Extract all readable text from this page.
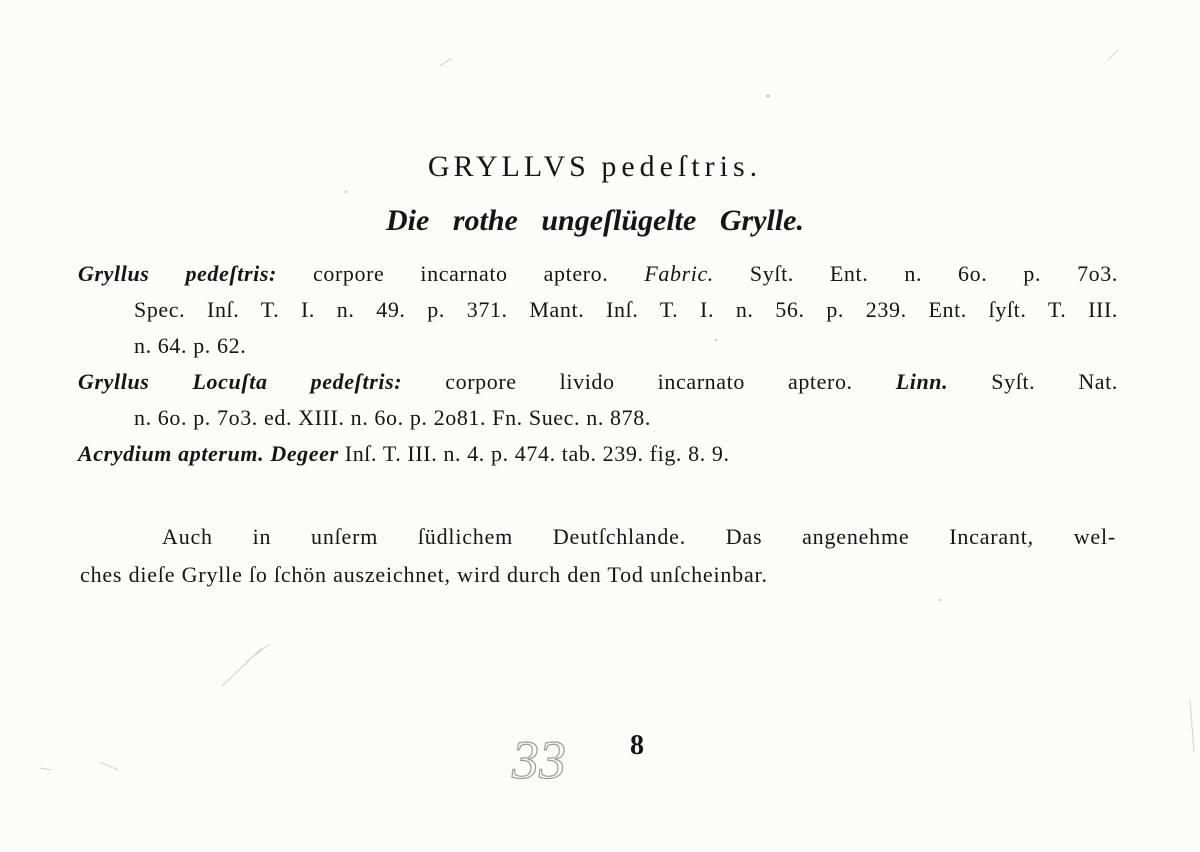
GRYLLVS pedeſtris.
Die rothe ungeſlügelte Grylle.
Gryllus pedeſtris: corpore incarnato aptero. Fabric. Syſt. Ent. n. 6o. p. 7o3.
Spec. Inſ. T. I. n. 49. p. 371. Mant. Inſ. T. I. n. 56. p. 239. Ent. ſyſt. T. III.
n. 64. p. 62.
Gryllus Locuſta pedeſtris: corpore livido incarnato aptero. Linn. Syſt. Nat.
n. 6o. p. 7o3. ed. XIII. n. 6o. p. 2o81. Fn. Suec. n. 878.
Acrydium apterum. Degeer Inſ. T. III. n. 4. p. 474. tab. 239. fig. 8. 9.
Auch in unſerm ſüdlichem Deutſchlande. Das angenehme Incarant, wel-
ches dieſe Grylle ſo ſchön auszeichnet, wird durch den Tod unſcheinbar.
33 8
